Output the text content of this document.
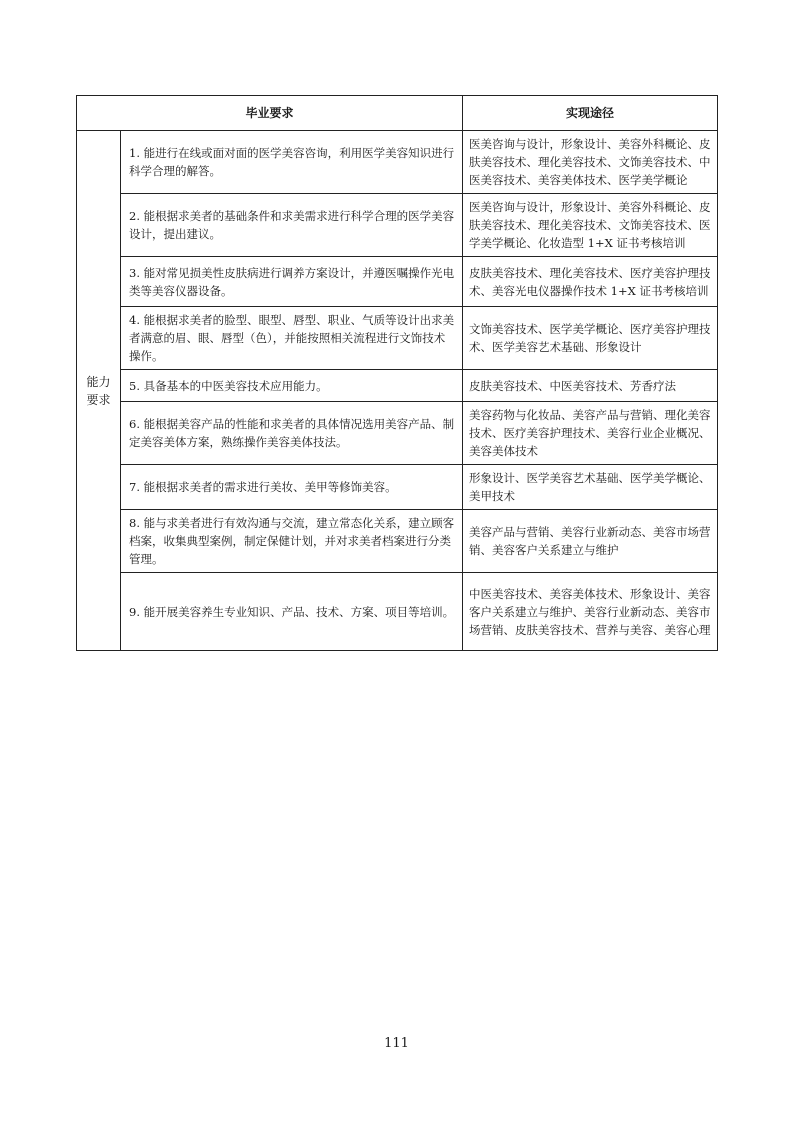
毕业要求		实现途径
能力
要求	1. 能进行在线或面对面的医学美容咨询，利用医学美容知识进行科学合理的解答。	医美咨询与设计，形象设计、美容外科概论、皮肤美容技术、理化美容技术、文饰美容技术、中医美容技术、美容美体技术、医学美学概论
	2. 能根据求美者的基础条件和求美需求进行科学合理的医学美容设计，提出建议。	医美咨询与设计，形象设计、美容外科概论、皮肤美容技术、理化美容技术、文饰美容技术、医学美学概论、化妆造型 1+X 证书考核培训
	3. 能对常见损美性皮肤病进行调养方案设计，并遵医嘱操作光电类等美容仪器设备。	皮肤美容技术、理化美容技术、医疗美容护理技术、美容光电仪器操作技术 1+X 证书考核培训
	4. 能根据求美者的脸型、眼型、唇型、职业、气质等设计出求美者满意的眉、眼、唇型（色），并能按照相关流程进行文饰技术操作。	文饰美容技术、医学美学概论、医疗美容护理技术、医学美容艺术基础、形象设计
	5. 具备基本的中医美容技术应用能力。	皮肤美容技术、中医美容技术、芳香疗法
	6. 能根据美容产品的性能和求美者的具体情况选用美容产品、制定美容美体方案，熟练操作美容美体技法。	美容药物与化妆品、美容产品与营销、理化美容技术、医疗美容护理技术、美容行业企业概况、美容美体技术
	7. 能根据求美者的需求进行美妆、美甲等修饰美容。	形象设计、医学美容艺术基础、医学美学概论、美甲技术
	8. 能与求美者进行有效沟通与交流，建立常态化关系，建立顾客档案，收集典型案例，制定保健计划，并对求美者档案进行分类管理。	美容产品与营销、美容行业新动态、美容市场营销、美容客户关系建立与维护
	9. 能开展美容养生专业知识、产品、技术、方案、项目等培训。	中医美容技术、美容美体技术、形象设计、美容客户关系建立与维护、美容行业新动态、美容市场营销、皮肤美容技术、营养与美容、美容心理
111
